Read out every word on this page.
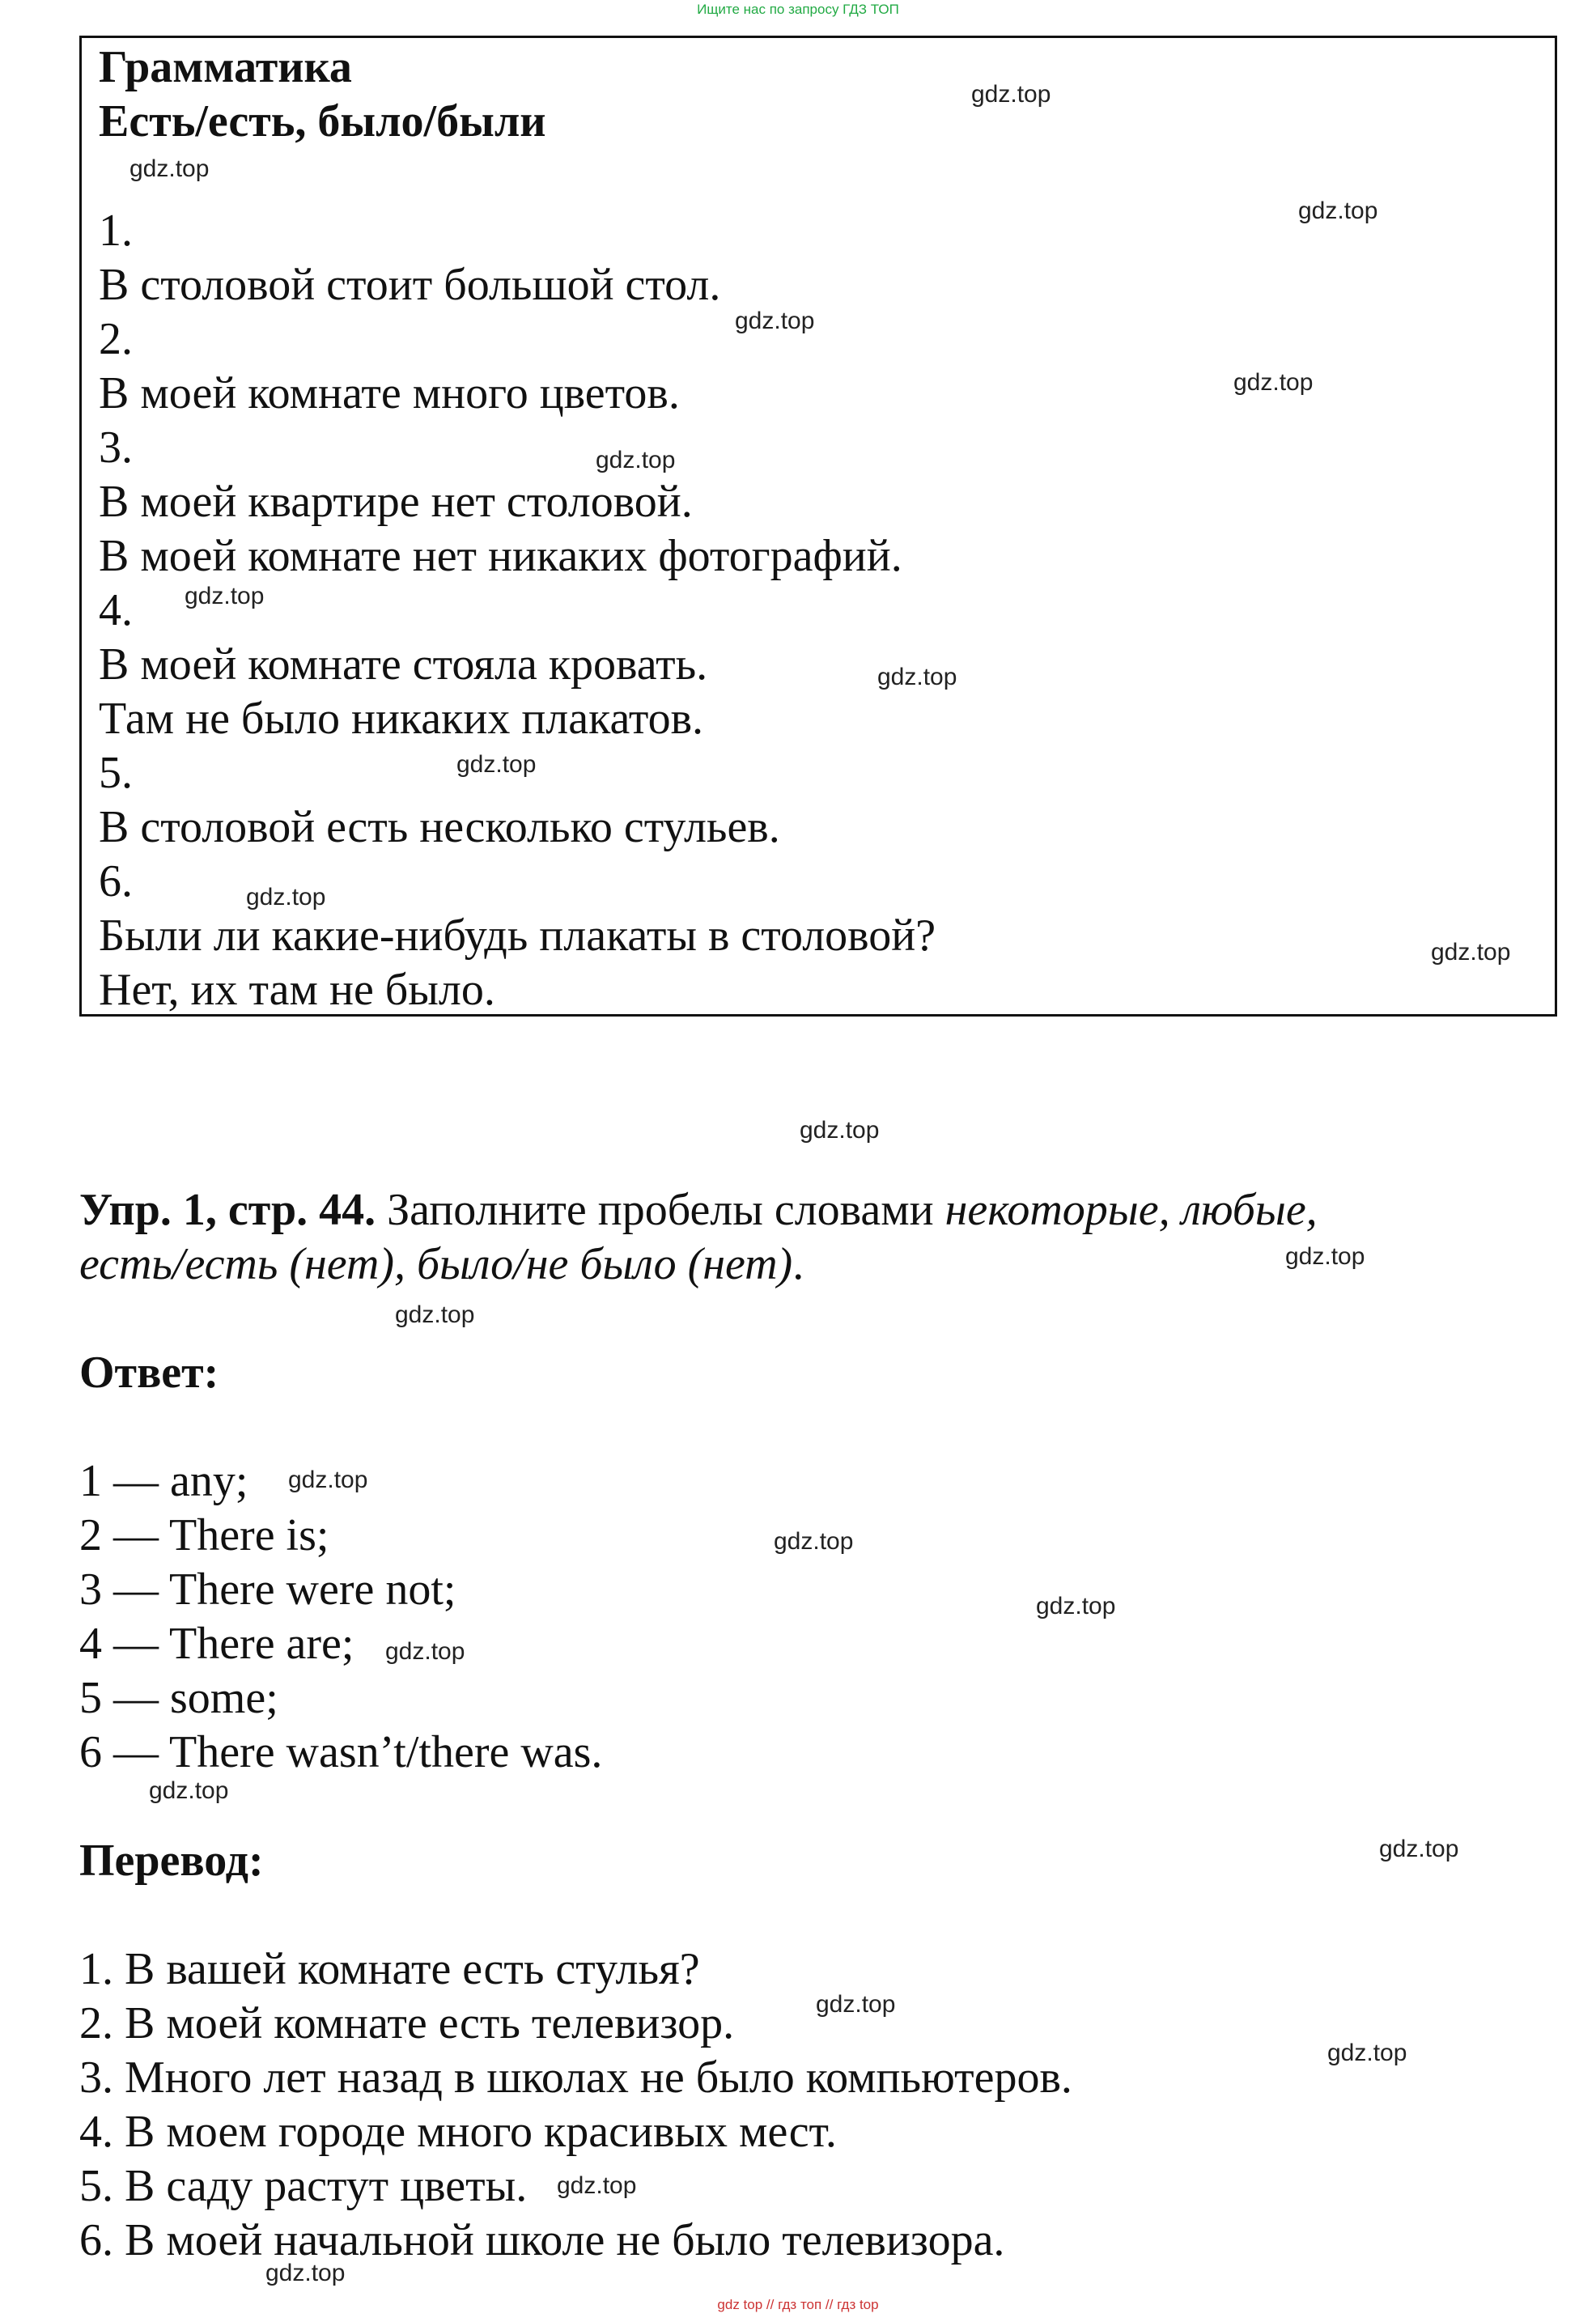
Ищите нас по запросу ГДЗ ТОП
Грамматика
Есть/есть, было/были
1.
В столовой стоит большой стол.
2.
В моей комнате много цветов.
3.
В моей квартире нет столовой.
В моей комнате нет никаких фотографий.
4.
В моей комнате стояла кровать.
Там не было никаких плакатов.
5.
В столовой есть несколько стульев.
6.
Были ли какие-нибудь плакаты в столовой?
Нет, их там не было.
Упр. 1, стр. 44. Заполните пробелы словами некоторые, любые,
есть/есть (нет), было/не было (нет).
Ответ:
1 — any;
2 — There is;
3 — There were not;
4 — There are;
5 — some;
6 — There wasn’t/there was.
Перевод:
1. В вашей комнате есть стулья?
2. В моей комнате есть телевизор.
3. Много лет назад в школах не было компьютеров.
4. В моем городе много красивых мест.
5. В саду растут цветы.
6. В моей начальной школе не было телевизора.
gdz.top
gdz.top
gdz.top
gdz.top
gdz.top
gdz.top
gdz.top
gdz.top
gdz.top
gdz.top
gdz.top
gdz.top
gdz.top
gdz.top
gdz.top
gdz.top
gdz.top
gdz.top
gdz.top
gdz.top
gdz.top
gdz.top
gdz.top
gdz.top
gdz top // гдз топ // гдз top
